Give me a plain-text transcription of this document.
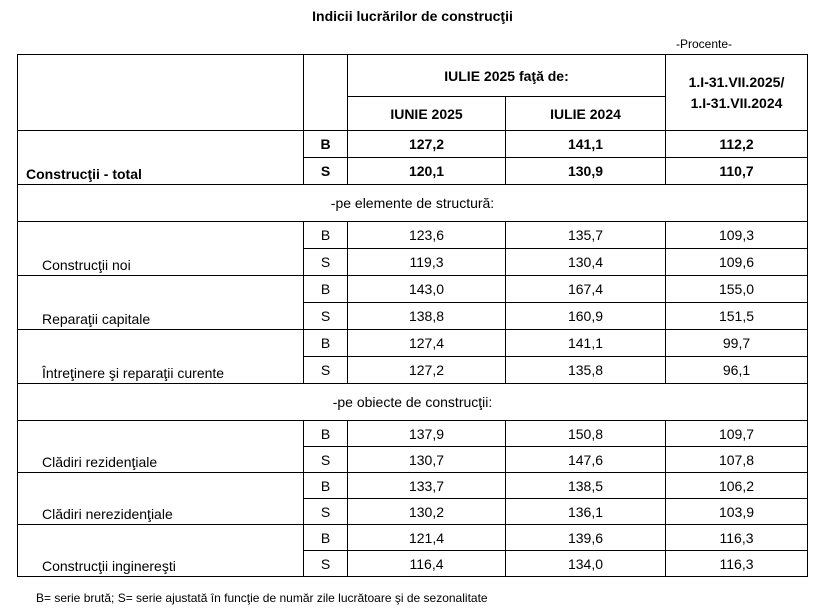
Indicii lucrărilor de construcţii
-Procente-
		IULIE 2025 faţă de:		1.I-31.VII.2025/
1.I-31.VII.2024
		IUNIE 2025	IULIE 2024	
Construcţii - total	B	127,2	141,1	112,2
	S	120,1	130,9	110,7
-pe elemente de structură:				
Construcţii noi	B	123,6	135,7	109,3
	S	119,3	130,4	109,6
Reparaţii capitale	B	143,0	167,4	155,0
	S	138,8	160,9	151,5
Întreţinere şi reparaţii curente	B	127,4	141,1	99,7
	S	127,2	135,8	96,1
-pe obiecte de construcţii:				
Clădiri rezidenţiale	B	137,9	150,8	109,7
	S	130,7	147,6	107,8
Clădiri nerezidenţiale	B	133,7	138,5	106,2
	S	130,2	136,1	103,9
Construcţii inginereşti	B	121,4	139,6	116,3
	S	116,4	134,0	116,3
B= serie brută; S= serie ajustată în funcţie de număr zile lucrătoare şi de sezonalitate
